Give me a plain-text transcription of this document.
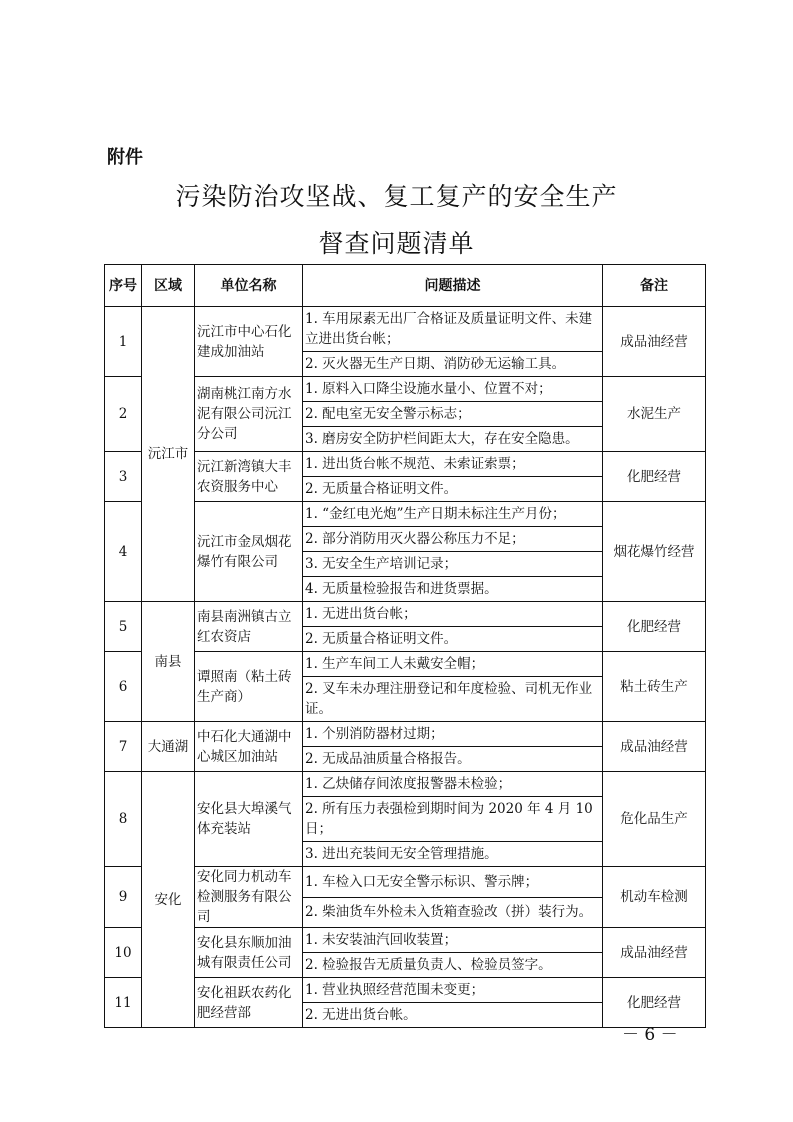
附件
污染防治攻坚战、复工复产的安全生产
督查问题清单
序号	区域	单位名称	问题描述	备注
1	沅江市	沅江市中心石化建成加油站	1. 车用尿素无出厂合格证及质量证明文件、未建立进出货台帐；	成品油经营
			2. 灭火器无生产日期、消防砂无运输工具。	
2		湖南桃江南方水泥有限公司沅江分公司	1. 原料入口降尘设施水量小、位置不对；	水泥生产
			2. 配电室无安全警示标志；	
			3. 磨房安全防护栏间距太大，存在安全隐患。	
3		沅江新湾镇大丰农资服务中心	1. 进出货台帐不规范、未索证索票；	化肥经营
			2. 无质量合格证明文件。	
4		沅江市金凤烟花爆竹有限公司	1. “金红电光炮”生产日期未标注生产月份；	烟花爆竹经营
			2. 部分消防用灭火器公称压力不足；	
			3. 无安全生产培训记录；	
			4. 无质量检验报告和进货票据。	
5	南县	南县南洲镇古立红农资店	1. 无进出货台帐；	化肥经营
			2. 无质量合格证明文件。	
6		谭照南（粘土砖生产商）	1. 生产车间工人未戴安全帽；	粘土砖生产
			2. 叉车未办理注册登记和年度检验、司机无作业证。	
7	大通湖	中石化大通湖中心城区加油站	1. 个别消防器材过期；	成品油经营
			2. 无成品油质量合格报告。	
8	安化	安化县大埠溪气体充装站	1. 乙炔储存间浓度报警器未检验；	危化品生产
			2. 所有压力表强检到期时间为 2020 年 4 月 10 日；	
			3. 进出充装间无安全管理措施。	
9		安化同力机动车检测服务有限公司	1. 车检入口无安全警示标识、警示牌；	机动车检测
			2. 柴油货车外检未入货箱查验改（拼）装行为。	
10		安化县东顺加油城有限责任公司	1. 未安装油汽回收装置；	成品油经营
			2. 检验报告无质量负责人、检验员签字。	
11		安化祖跃农药化肥经营部	1. 营业执照经营范围未变更；	化肥经营
			2. 无进出货台帐。	
－ 6 －
